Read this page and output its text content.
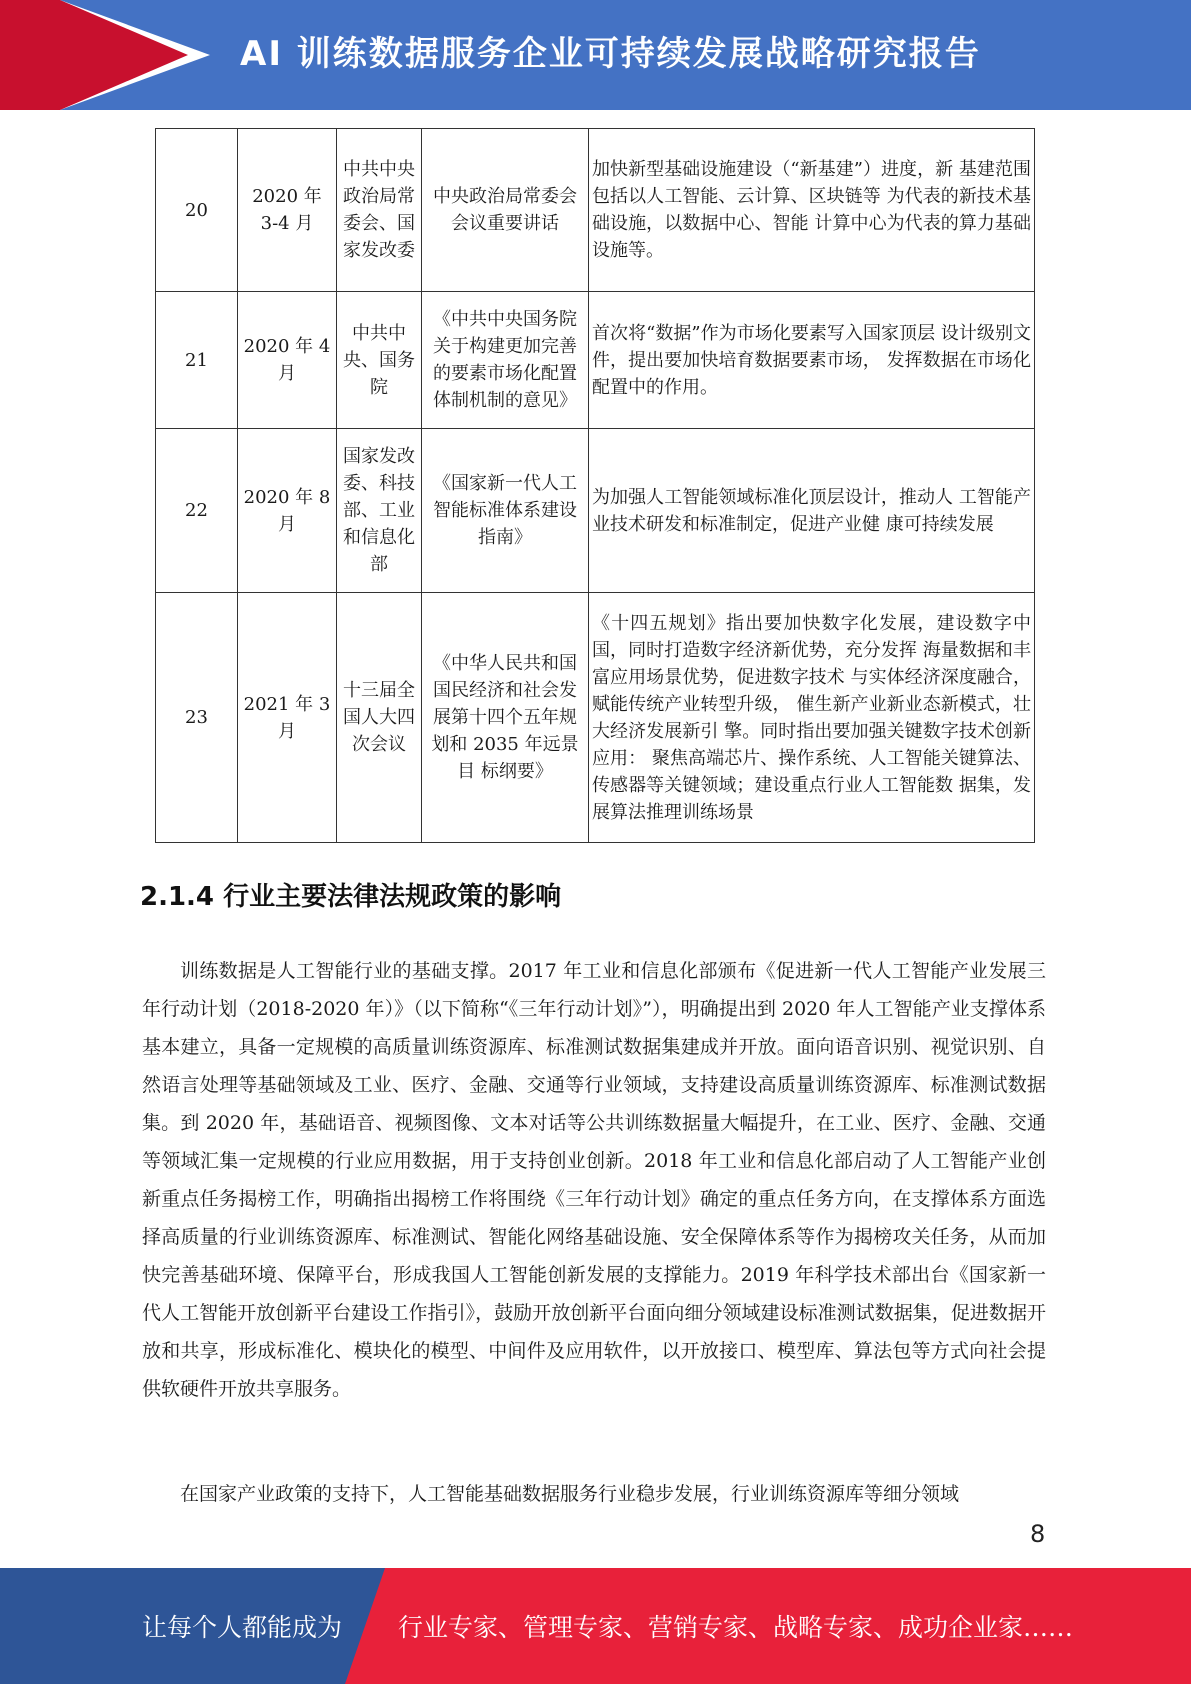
AI 训练数据服务企业可持续发展战略研究报告
20	2020 年 3-4 月	中共中央政治局常委会、国家发改委	中央政治局常委会会议重要讲话	加快新型基础设施建设（“新基建”）进度，新 基建范围包括以人工智能、云计算、区块链等 为代表的新技术基础设施，以数据中心、智能 计算中心为代表的算力基础设施等。
21	2020 年 4 月	中共中央、国务院	《中共中央国务院关于构建更加完善的要素市场化配置体制机制的意见》	首次将“数据”作为市场化要素写入国家顶层 设计级别文件，提出要加快培育数据要素市场， 发挥数据在市场化配置中的作用。
22	2020 年 8 月	国家发改委、科技部、工业和信息化部	《国家新一代人工智能标准体系建设指南》	为加强人工智能领域标准化顶层设计，推动人 工智能产业技术研发和标准制定，促进产业健 康可持续发展
23	2021 年 3 月	十三届全国人大四次会议	《中华人民共和国国民经济和社会发展第十四个五年规划和 2035 年远景目 标纲要》	《十四五规划》指出要加快数字化发展，建设数字中国，同时打造数字经济新优势，充分发挥 海量数据和丰富应用场景优势，促进数字技术 与实体经济深度融合，赋能传统产业转型升级， 催生新产业新业态新模式，壮大经济发展新引 擎。同时指出要加强关键数字技术创新应用： 聚焦高端芯片、操作系统、人工智能关键算法、 传感器等关键领域；建设重点行业人工智能数 据集，发展算法推理训练场景
2.1.4 行业主要法律法规政策的影响

训练数据是人工智能行业的基础支撑。2017 年工业和信息化部颁布《促进新一代人工智能产业发展三年行动计划（2018-2020 年）》（以下简称“《三年行动计划》”），明确提出到 2020 年人工智能产业支撑体系基本建立，具备一定规模的高质量训练资源库、标准测试数据集建成并开放。面向语音识别、视觉识别、自然语言处理等基础领域及工业、医疗、金融、交通等行业领域，支持建设高质量训练资源库、标准测试数据集。到 2020 年，基础语音、视频图像、文本对话等公共训练数据量大幅提升，在工业、医疗、金融、交通等领域汇集一定规模的行业应用数据，用于支持创业创新。2018 年工业和信息化部启动了人工智能产业创新重点任务揭榜工作，明确指出揭榜工作将围绕《三年行动计划》确定的重点任务方向，在支撑体系方面选择高质量的行业训练资源库、标准测试、智能化网络基础设施、安全保障体系等作为揭榜攻关任务，从而加快完善基础环境、保障平台，形成我国人工智能创新发展的支撑能力。2019 年科学技术部出台《国家新一代人工智能开放创新平台建设工作指引》，鼓励开放创新平台面向细分领域建设标准测试数据集，促进数据开放和共享，形成标准化、模块化的模型、中间件及应用软件，以开放接口、模型库、算法包等方式向社会提供软硬件开放共享服务。

在国家产业政策的支持下，人工智能基础数据服务行业稳步发展，行业训练资源库等细分领域

8
让每个人都能成为 行业专家、管理专家、营销专家、战略专家、成功企业家……
